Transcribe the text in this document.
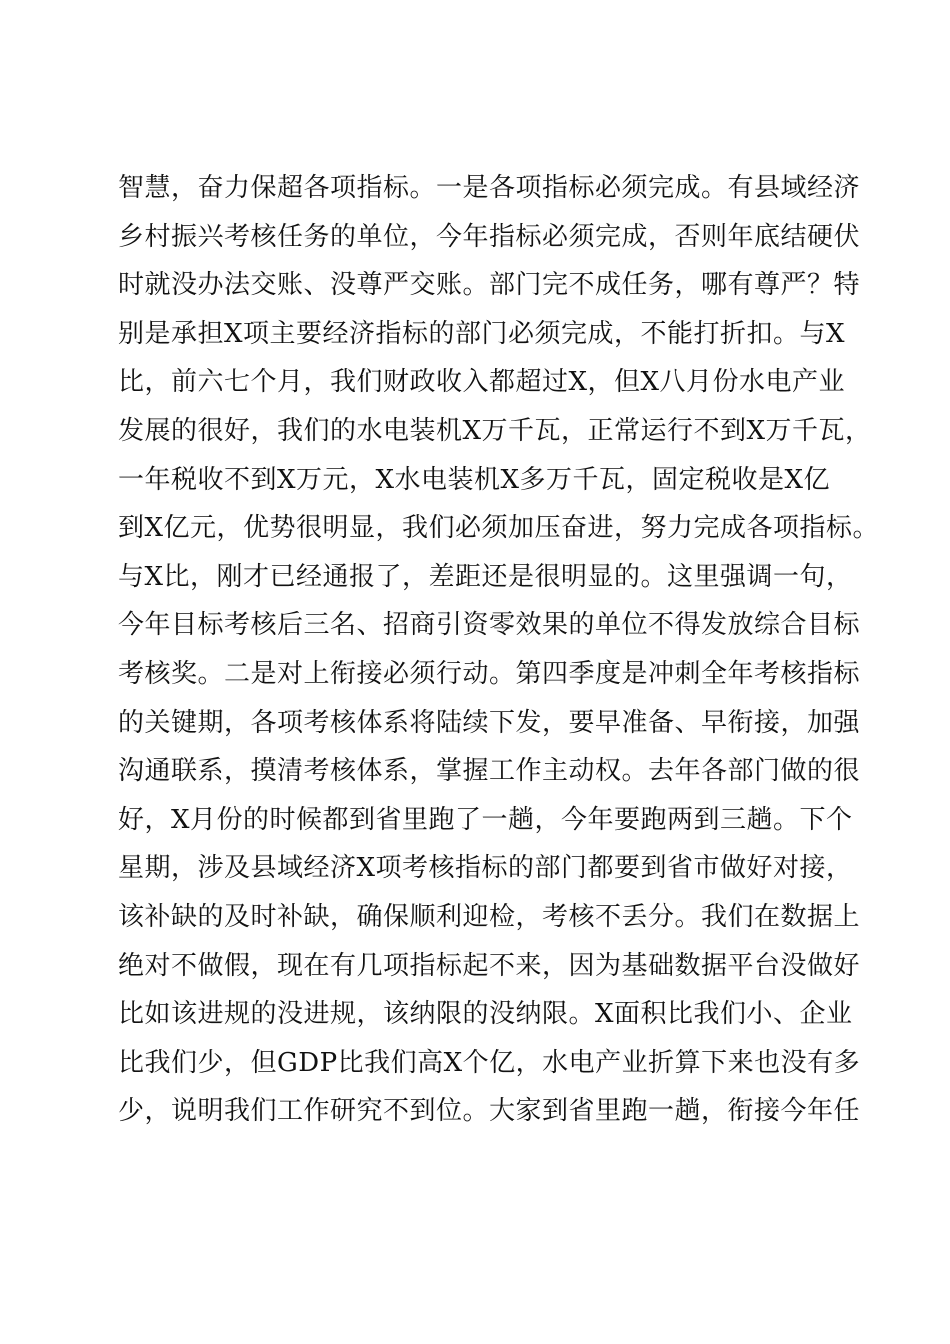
智慧，奋力保超各项指标。一是各项指标必须完成。有县域经济
乡村振兴考核任务的单位，今年指标必须完成，否则年底结硬伏
时就没办法交账、没尊严交账。部门完不成任务，哪有尊严？特
别是承担X项主要经济指标的部门必须完成，不能打折扣。与X
比，前六七个月，我们财政收入都超过X，但X八月份水电产业
发展的很好，我们的水电装机X万千瓦，正常运行不到X万千瓦，
一年税收不到X万元，X水电装机X多万千瓦，固定税收是X亿
到X亿元，优势很明显，我们必须加压奋进，努力完成各项指标。
与X比，刚才已经通报了，差距还是很明显的。这里强调一句，
今年目标考核后三名、招商引资零效果的单位不得发放综合目标
考核奖。二是对上衔接必须行动。第四季度是冲刺全年考核指标
的关键期，各项考核体系将陆续下发，要早准备、早衔接，加强
沟通联系，摸清考核体系，掌握工作主动权。去年各部门做的很
好，X月份的时候都到省里跑了一趟，今年要跑两到三趟。下个
星期，涉及县域经济X项考核指标的部门都要到省市做好对接，
该补缺的及时补缺，确保顺利迎检，考核不丢分。我们在数据上
绝对不做假，现在有几项指标起不来，因为基础数据平台没做好
比如该进规的没进规，该纳限的没纳限。X面积比我们小、企业
比我们少，但GDP比我们高X个亿，水电产业折算下来也没有多
少，说明我们工作研究不到位。大家到省里跑一趟，衔接今年任
